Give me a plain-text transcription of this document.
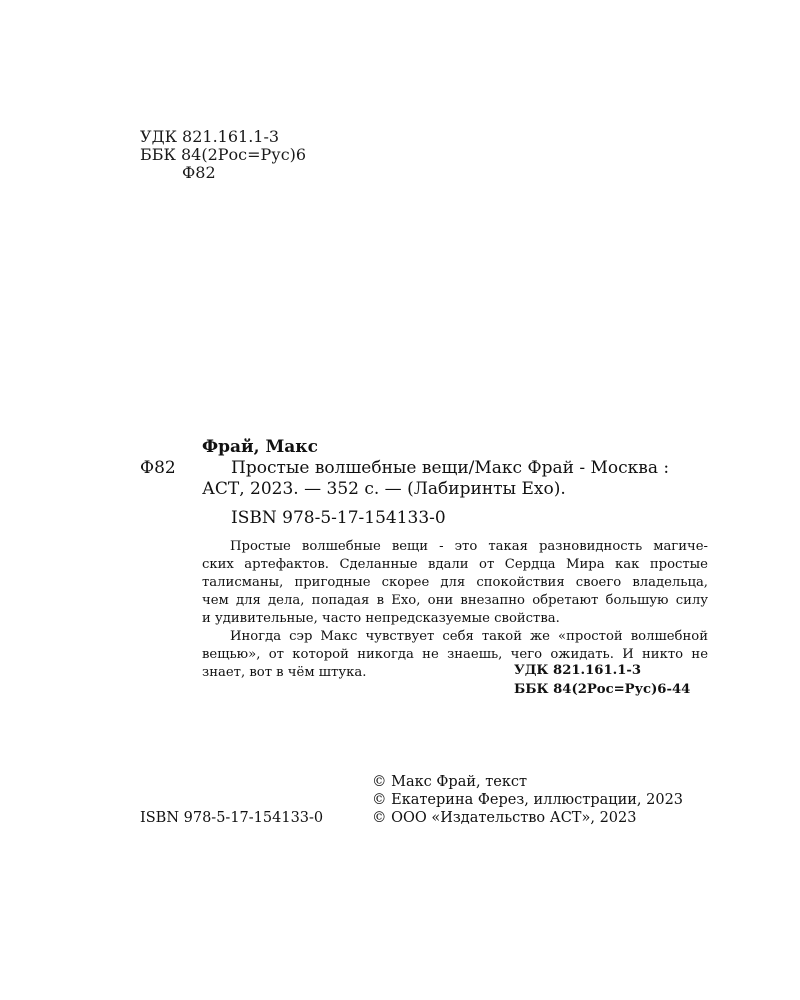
УДК 821.161.1-3
ББК 84(2Рос=Рус)6
Ф82
Фрай, Макс
Ф82	Простые волшебные вещи/Макс Фрай - Москва :
АСТ, 2023. — 352 с. — (Лабиринты Ехо).
ISBN 978-5-17-154133-0
Простые волшебные вещи - это такая разновидность магиче-
ских артефактов. Сделанные вдали от Сердца Мира как простые
талисманы, пригодные скорее для спокойствия своего владельца,
чем для дела, попадая в Ехо, они внезапно обретают большую силу
и удивительные, часто непредсказуемые свойства.
Иногда сэр Макс чувствует себя такой же «простой волшебной
вещью», от которой никогда не знаешь, чего ожидать. И никто не
знает, вот в чём штука.	УДК 821.161.1-3
ББК 84(2Рос=Рус)6-44
© Макс Фрай, текст
© Екатерина Ферез, иллюстрации, 2023
ISBN 978-5-17-154133-0	© ООО «Издательство АСТ», 2023
